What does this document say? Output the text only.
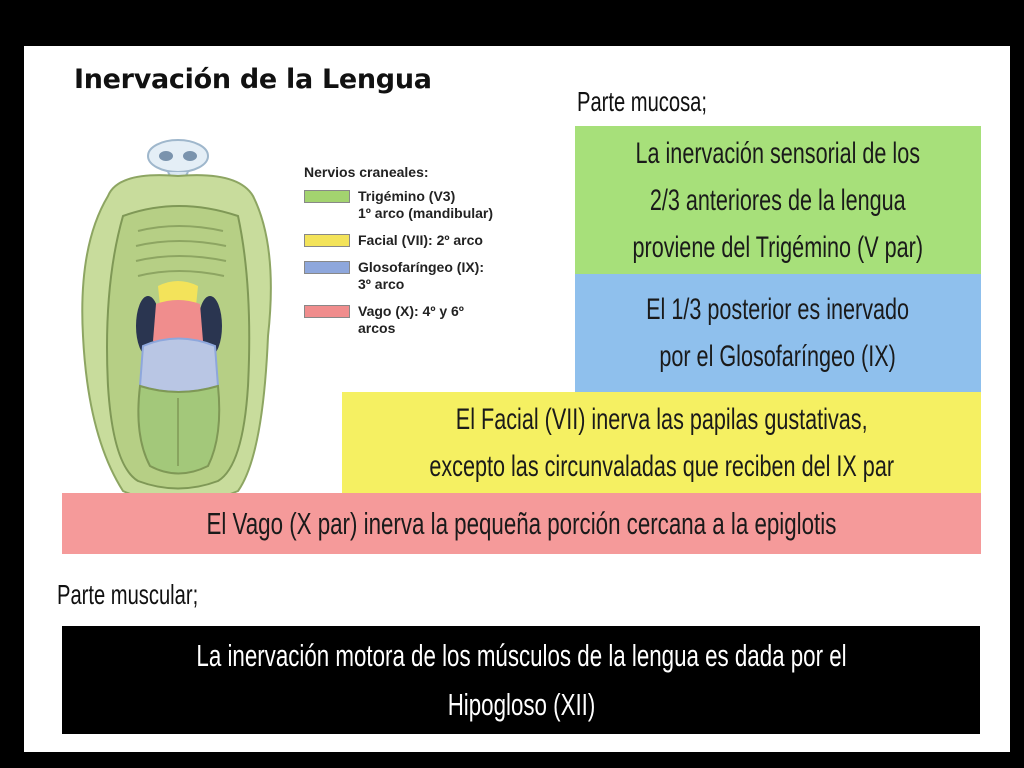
Inervación de la Lengua
Nervios craneales:
Trigémino (V3)
1º arco (mandibular)
Facial (VII): 2º arco
Glosofaríngeo (IX):
3º arco
Vago (X): 4º y 6º
arcos
Parte mucosa;
La inervación sensorial de los
2/3 anteriores de la lengua
proviene del Trigémino (V par)
El 1/3 posterior es inervado
por el Glosofaríngeo (IX)
El Facial (VII) inerva las papilas gustativas,
excepto las circunvaladas que reciben del IX par
El Vago (X par) inerva la pequeña porción cercana a la epiglotis
Parte muscular;
La inervación motora de los músculos de la lengua es dada por el
Hipogloso (XII)
